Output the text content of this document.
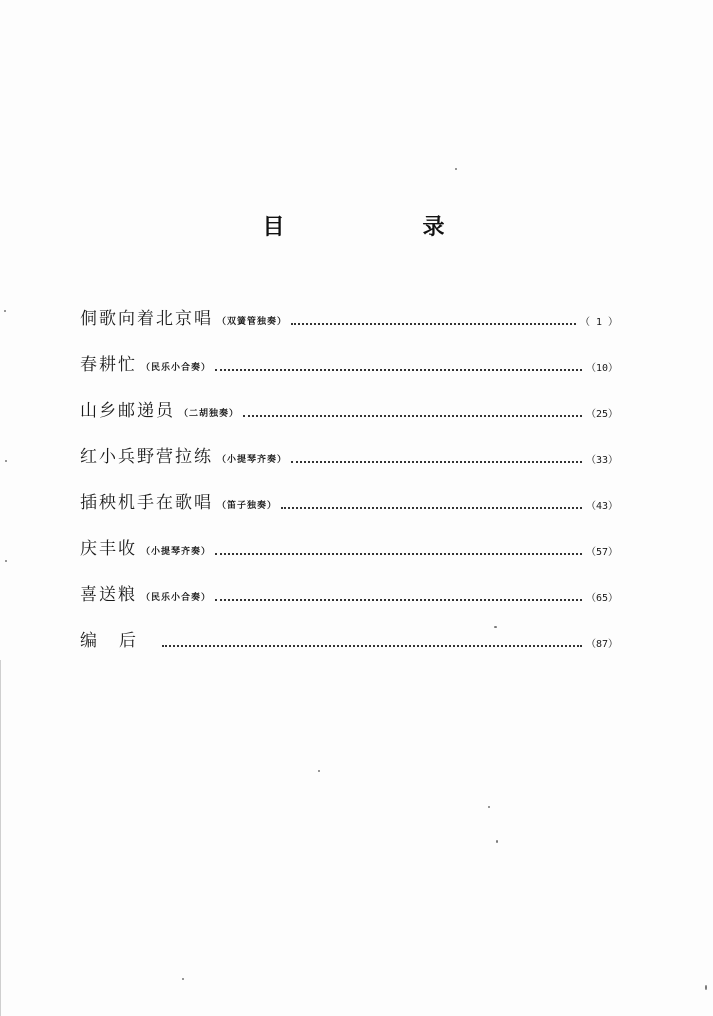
目　录
侗歌向着北京唱 （双簧管独奏）	（ 1 ）
春耕忙 （民乐小合奏）	（10）
山乡邮递员 （二胡独奏）	（25）
红小兵野营拉练 （小提琴齐奏）	（33）
插秧机手在歌唱 （笛子独奏）	（43）
庆丰收 （小提琴齐奏）	（57）
喜送粮 （民乐小合奏）	（65）
编后	（87）
